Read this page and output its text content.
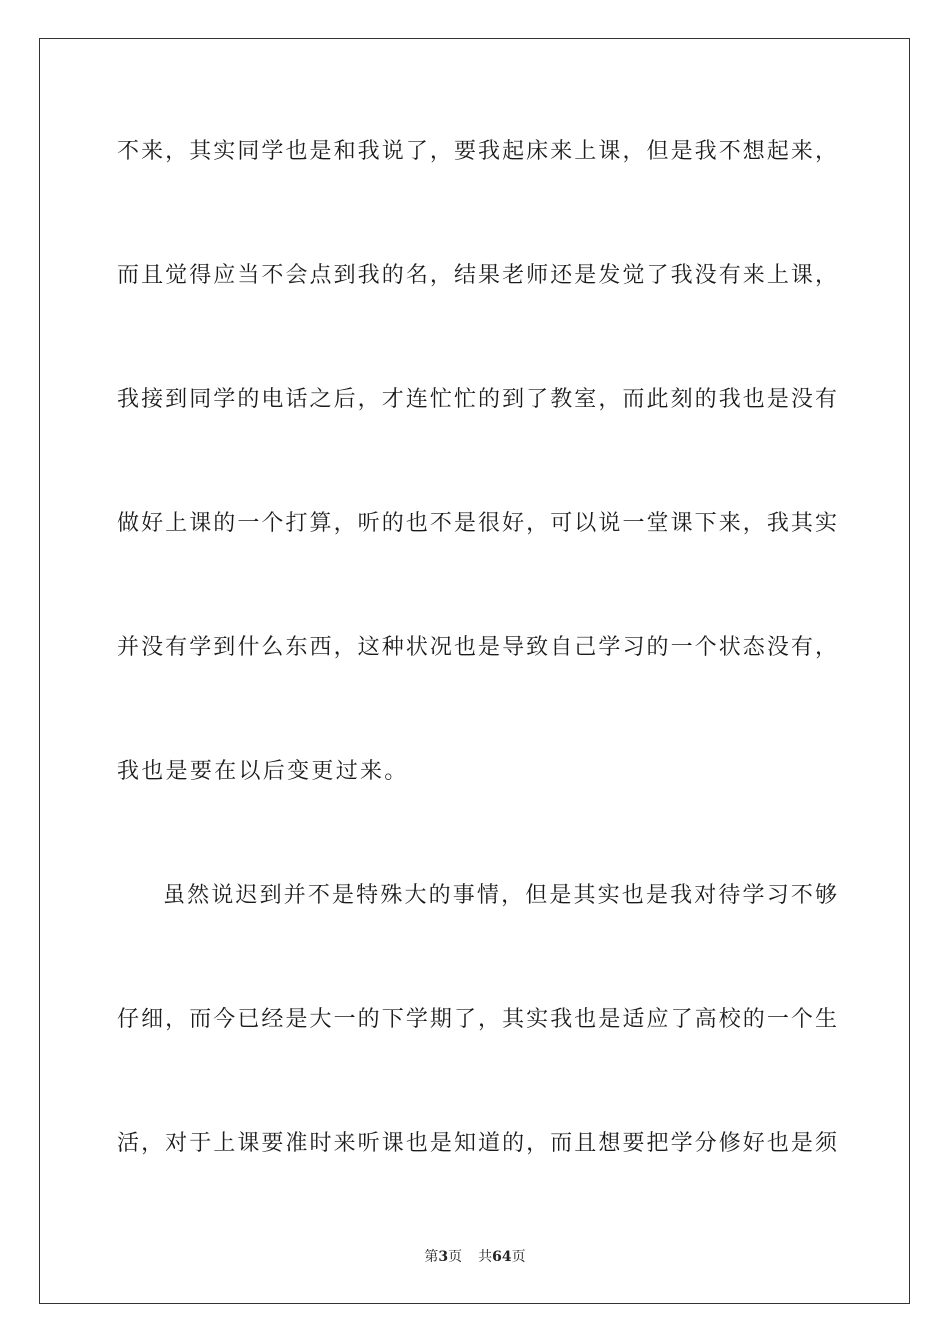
不来，其实同学也是和我说了，要我起床来上课，但是我不想起来，
而且觉得应当不会点到我的名，结果老师还是发觉了我没有来上课，
我接到同学的电话之后，才连忙忙的到了教室，而此刻的我也是没有
做好上课的一个打算，听的也不是很好，可以说一堂课下来，我其实
并没有学到什么东西，这种状况也是导致自己学习的一个状态没有，
我也是要在以后变更过来。
虽然说迟到并不是特殊大的事情，但是其实也是我对待学习不够
仔细，而今已经是大一的下学期了，其实我也是适应了高校的一个生
活，对于上课要准时来听课也是知道的，而且想要把学分修好也是须
第3页 共64页
